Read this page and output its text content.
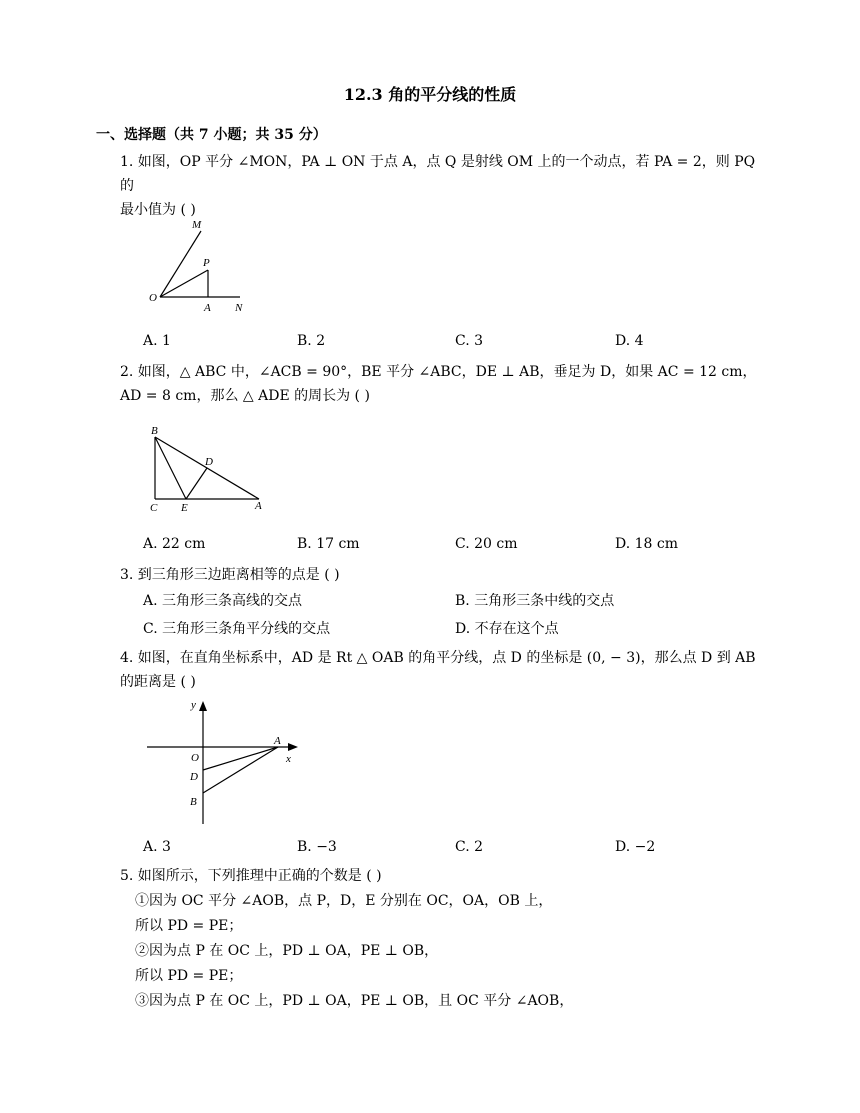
12.3 角的平分线的性质
一、选择题（共 7 小题；共 35 分）
1. 如图，OP 平分 ∠MON，PA ⊥ ON 于点 A，点 Q 是射线 OM 上的一个动点，若 PA = 2，则 PQ 的
最小值为 ( )
M
P
O
A N
A. 1	B. 2	C. 3	D. 4
2. 如图，△ ABC 中，∠ACB = 90°，BE 平分 ∠ABC，DE ⊥ AB，垂足为 D，如果 AC = 12 cm，
AD = 8 cm，那么 △ ADE 的周长为 ( )
B
D
C E	A
A. 22 cm	B. 17 cm	C. 20 cm	D. 18 cm
3. 到三角形三边距离相等的点是 ( )
A. 三角形三条高线的交点	B. 三角形三条中线的交点
C. 三角形三条角平分线的交点	D. 不存在这个点
4. 如图，在直角坐标系中，AD 是 Rt △ OAB 的角平分线，点 D 的坐标是 (0, − 3)，那么点 D 到 AB
的距离是 ( )
y
x
O
A
D
B
A. 3	B. −3	C. 2	D. −2
5. 如图所示，下列推理中正确的个数是 ( )
①因为 OC 平分 ∠AOB，点 P，D，E 分别在 OC，OA，OB 上，
所以 PD = PE；
②因为点 P 在 OC 上，PD ⊥ OA，PE ⊥ OB，
所以 PD = PE；
③因为点 P 在 OC 上，PD ⊥ OA，PE ⊥ OB，且 OC 平分 ∠AOB，
